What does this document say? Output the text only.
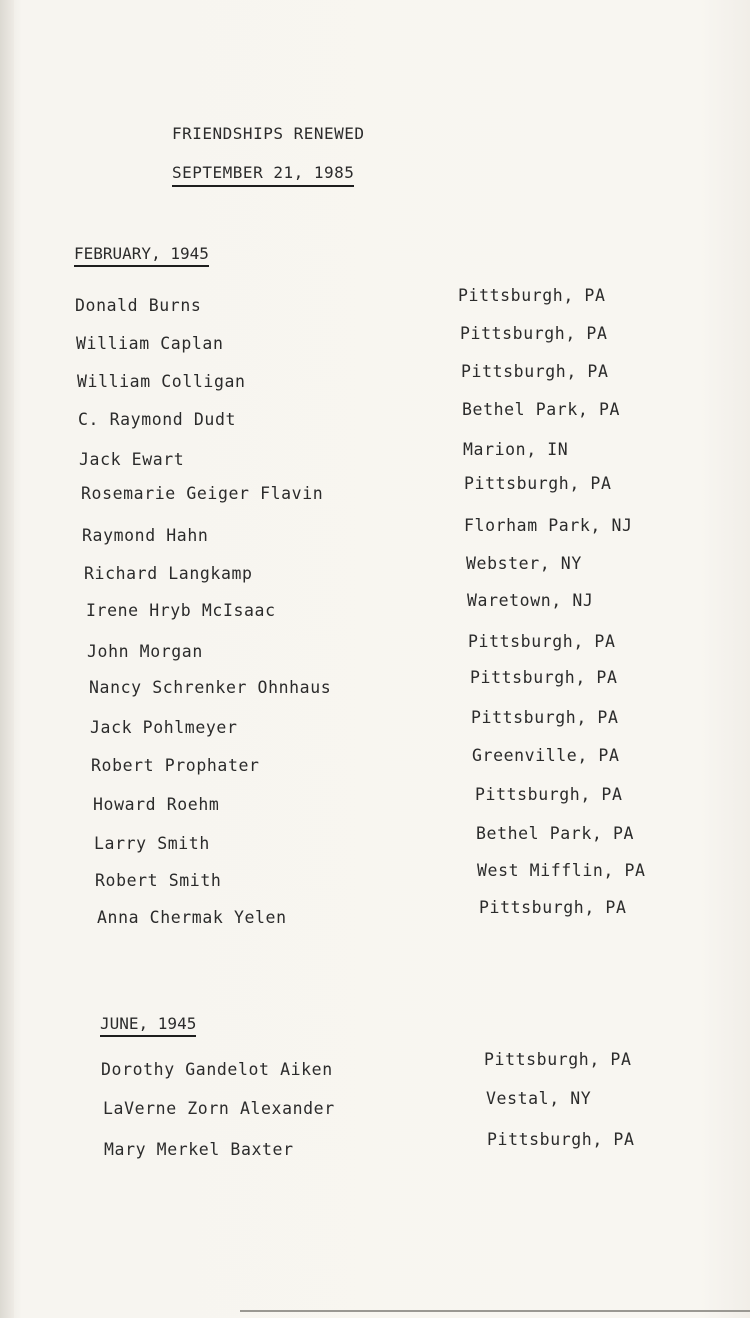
FRIENDSHIPS RENEWED
SEPTEMBER 21, 1985
FEBRUARY, 1945
Donald Burns
Pittsburgh, PA
William Caplan
Pittsburgh, PA
William Colligan
Pittsburgh, PA
C. Raymond Dudt
Bethel Park, PA
Jack Ewart
Marion, IN
Rosemarie Geiger Flavin
Pittsburgh, PA
Raymond Hahn
Florham Park, NJ
Richard Langkamp
Webster, NY
Irene Hryb McIsaac
Waretown, NJ
John Morgan
Pittsburgh, PA
Nancy Schrenker Ohnhaus
Pittsburgh, PA
Jack Pohlmeyer
Pittsburgh, PA
Robert Prophater
Greenville, PA
Howard Roehm
Pittsburgh, PA
Larry Smith
Bethel Park, PA
Robert Smith
West Mifflin, PA
Anna Chermak Yelen
Pittsburgh, PA
JUNE, 1945
Dorothy Gandelot Aiken
Pittsburgh, PA
LaVerne Zorn Alexander
Vestal, NY
Mary Merkel Baxter
Pittsburgh, PA
